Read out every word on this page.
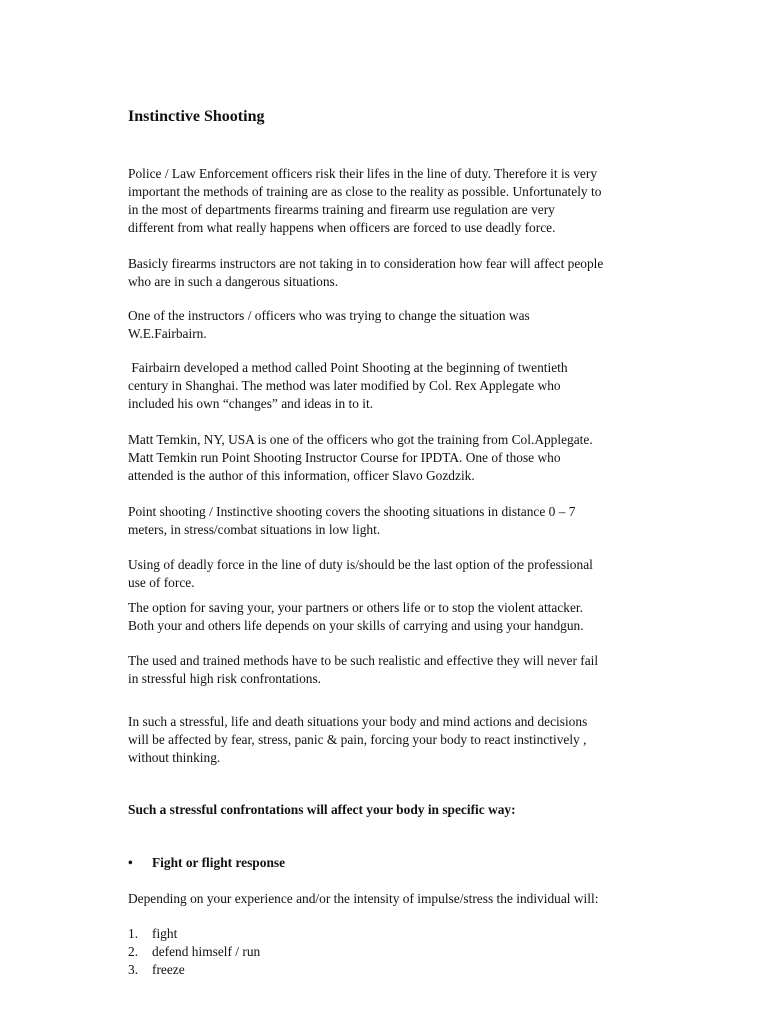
Instinctive Shooting

Police / Law Enforcement officers risk their lifes in the line of duty. Therefore it is very
important the methods of training are as close to the reality as possible. Unfortunately to
in the most of departments firearms training and firearm use regulation are very
different from what really happens when officers are forced to use deadly force.

Basicly firearms instructors are not taking in to consideration how fear will affect people
who are in such a dangerous situations.

One of the instructors / officers who was trying to change the situation was
W.E.Fairbairn.

Fairbairn developed a method called Point Shooting at the beginning of twentieth
century in Shanghai. The method was later modified by Col. Rex Applegate who
included his own “changes” and ideas in to it.

Matt Temkin, NY, USA is one of the officers who got the training from Col.Applegate.
Matt Temkin run Point Shooting Instructor Course for IPDTA. One of those who
attended is the author of this information, officer Slavo Gozdzik.

Point shooting / Instinctive shooting covers the shooting situations in distance 0 – 7
meters, in stress/combat situations in low light.

Using of deadly force in the line of duty is/should be the last option of the professional
use of force.

The option for saving your, your partners or others life or to stop the violent attacker.
Both your and others life depends on your skills of carrying and using your handgun.

The used and trained methods have to be such realistic and effective they will never fail
in stressful high risk confrontations.

In such a stressful, life and death situations your body and mind actions and decisions
will be affected by fear, stress, panic & pain, forcing your body to react instinctively ,
without thinking.

Such a stressful confrontations will affect your body in specific way:

•	Fight or flight response

Depending on your experience and/or the intensity of impulse/stress the individual will:

1. fight
2. defend himself / run
3. freeze
